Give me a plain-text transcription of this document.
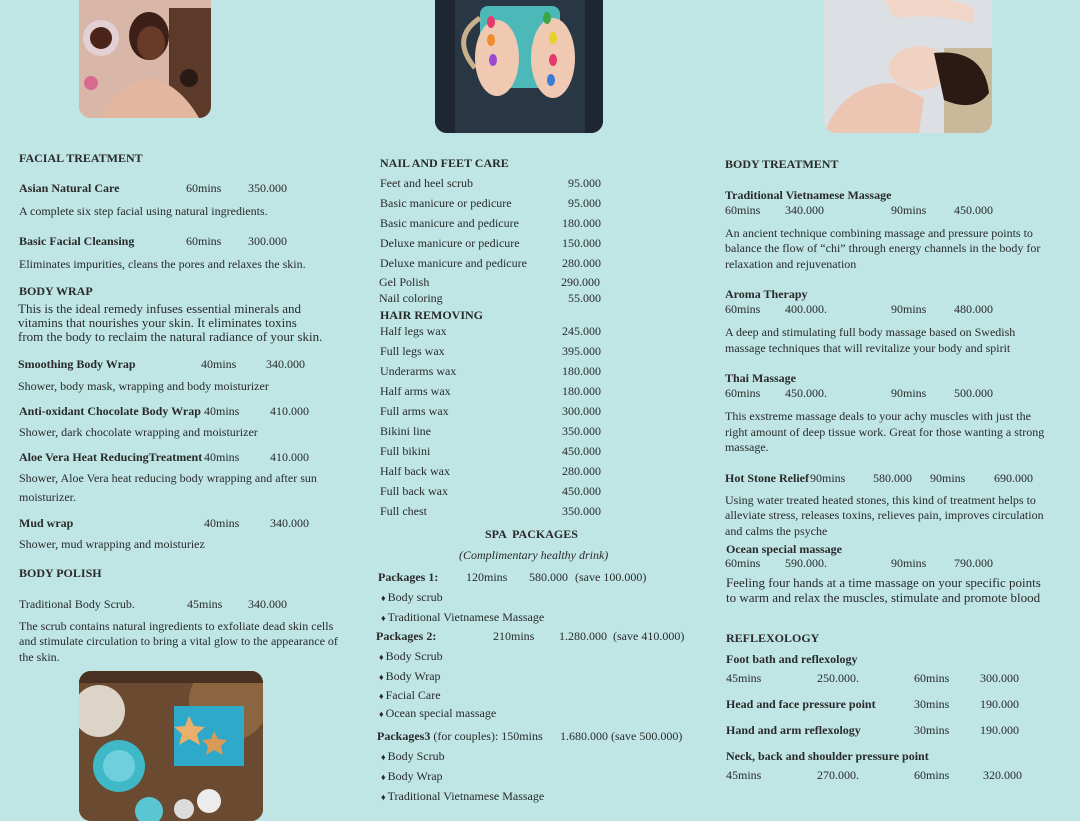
FACIAL TREATMENT
Asian Natural Care	60mins 350.000
A complete six step facial using natural ingredients.
Basic Facial Cleansing	60mins 300.000
Eliminates impurities, cleans the pores and relaxes the skin.
BODY WRAP
This is the ideal remedy infuses essential minerals and
vitamins that nourishes your skin. It eliminates toxins
from the body to reclaim the natural radiance of your skin.
Smoothing Body Wrap	40mins 340.000
Shower, body mask, wrapping and body moisturizer
Anti-oxidant Chocolate Body Wrap 40mins	410.000
Shower, dark chocolate wrapping and moisturizer
Aloe Vera Heat ReducingTreatment 40mins	410.000
Shower, Aloe Vera heat reducing body wrapping and after sun
moisturizer.
Mud wrap	40mins	340.000
Shower, mud wrapping and moisturiez
BODY POLISH
Traditional Body Scrub.	45mins 340.000
The scrub contains natural ingredients to exfoliate dead skin cells
and stimulate circulation to bring a vital glow to the appearance of
the skin.
NAIL AND FEET CARE
Feet and heel scrub	95.000
Basic manicure or pedicure	95.000
Basic manicure and pedicure	180.000
Deluxe manicure or pedicure	150.000
Deluxe manicure and pedicure	280.000
Gel Polish	290.000
Nail coloring	55.000
HAIR REMOVING
Half legs wax	245.000
Full legs wax	395.000
Underarms wax	180.000
Half arms wax	180.000
Full arms wax	300.000
Bikini line	350.000
Full bikini	450.000
Half back wax	280.000
Full back wax	450.000
Full chest	350.000
SPA  PACKAGES
(Complimentary healthy drink)
Packages 1: 120mins 580.000 (save 100.000)
♦ Body scrub
♦ Traditional Vietnamese Massage
Packages 2:	210mins 1.280.000 (save 410.000)
♦ Body Scrub
♦ Body Wrap
♦ Facial Care
♦ Ocean special massage
Packages3 (for couples): 150mins 1.680.000 (save 500.000)
♦ Body Scrub
♦ Body Wrap
♦ Traditional Vietnamese Massage
BODY TREATMENT
Traditional Vietnamese Massage
60mins 340.000	90mins 450.000
An ancient technique combining massage and pressure points to
balance the flow of “chi” through energy channels in the body for
relaxation and rejuvenation
Aroma Therapy
60mins 400.000.	90mins 480.000
A deep and stimulating full body massage based on Swedish
massage techniques that will revitalize your body and spirit
Thai Massage
60mins 450.000.	90mins 500.000
This exstreme massage deals to your achy muscles with just the
right amount of deep tissue work. Great for those wanting a strong
massage.
Hot Stone Relief 90mins 580.000 90mins 690.000
Using water treated heated stones, this kind of treatment helps to
alleviate stress, releases toxins, relieves pain, improves circulation
and calms the psyche
Ocean special massage
60mins 590.000.	90mins 790.000
Feeling four hands at a time massage on your specific points
to warm and relax the muscles, stimulate and promote blood
REFLEXOLOGY
Foot bath and reflexology
45mins	250.000.	60mins	300.000
Head and face pressure point	30mins	190.000
Hand and arm reflexology	30mins	190.000
Neck, back and shoulder pressure point
45mins	270.000.	60mins	320.000
